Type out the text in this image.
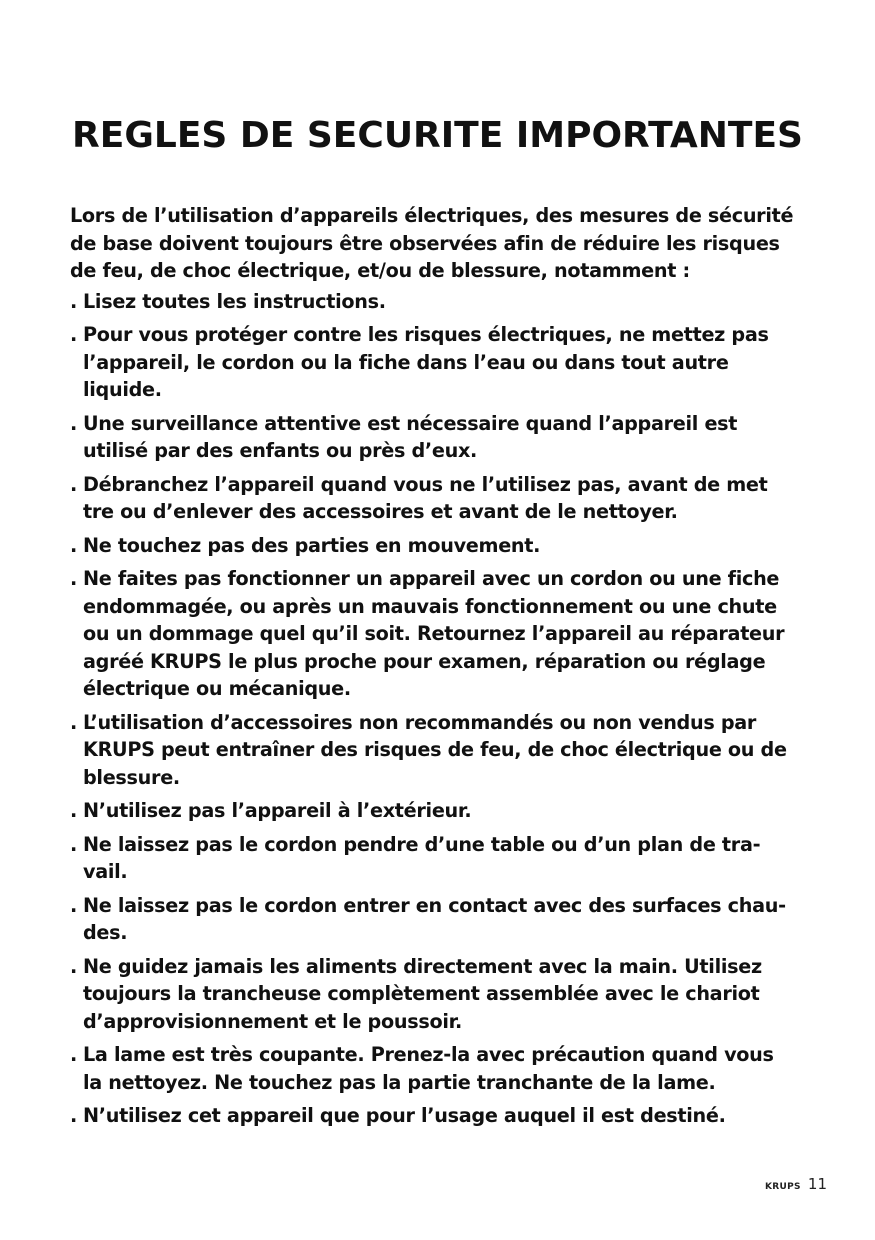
REGLES DE SECURITE IMPORTANTES

Lors de l’utilisation d’appareils électriques, des mesures de sécurité
de base doivent toujours être observées afin de réduire les risques
de feu, de choc électrique, et/ou de blessure, notamment :

. Lisez toutes les instructions.
. Pour vous protéger contre les risques électriques, ne mettez pas
l’appareil, le cordon ou la fiche dans l’eau ou dans tout autre
liquide.
. Une surveillance attentive est nécessaire quand l’appareil est
utilisé par des enfants ou près d’eux.
. Débranchez l’appareil quand vous ne l’utilisez pas, avant de met
tre ou d’enlever des accessoires et avant de le nettoyer.
. Ne touchez pas des parties en mouvement.
. Ne faites pas fonctionner un appareil avec un cordon ou une fiche
endommagée, ou après un mauvais fonctionnement ou une chute
ou un dommage quel qu’il soit. Retournez l’appareil au réparateur
agréé KRUPS le plus proche pour examen, réparation ou réglage
électrique ou mécanique.
. L’utilisation d’accessoires non recommandés ou non vendus par
KRUPS peut entraîner des risques de feu, de choc électrique ou de
blessure.
. N’utilisez pas l’appareil à l’extérieur.
. Ne laissez pas le cordon pendre d’une table ou d’un plan de tra-
vail.
. Ne laissez pas le cordon entrer en contact avec des surfaces chau-
des.
. Ne guidez jamais les aliments directement avec la main. Utilisez
toujours la trancheuse complètement assemblée avec le chariot
d’approvisionnement et le poussoir.
. La lame est très coupante. Prenez-la avec précaution quand vous
la nettoyez. Ne touchez pas la partie tranchante de la lame.
. N’utilisez cet appareil que pour l’usage auquel il est destiné.
KRUPS 11
